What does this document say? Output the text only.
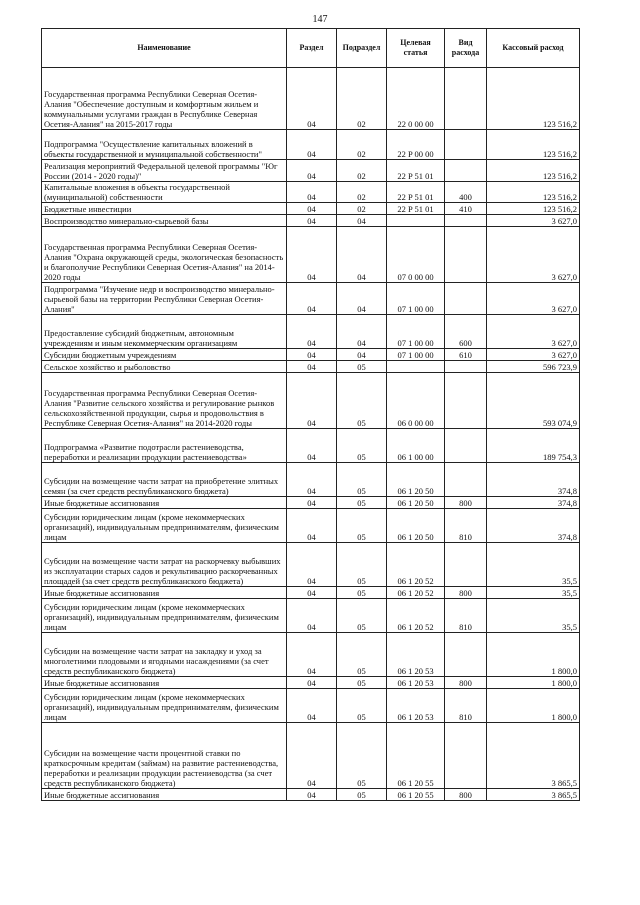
147
Наименование	Раздел	Подраздел	Целевая статья	Вид расхода	Кассовый расход
Государственная программа Республики Северная Осетия-Алания "Обеспечение доступным и комфортным жильем и коммунальными услугами граждан в Республике Северная Осетия-Алания" на 2015-2017 годы	04	02	22 0 00 00		123 516,2
Подпрограмма "Осуществление капитальных вложений в объекты государственной и муниципальной собственности"	04	02	22 P 00 00		123 516,2
Реализация мероприятий Федеральной целевой программы "Юг России (2014 - 2020 годы)"	04	02	22 P 51 01		123 516,2
Капитальные вложения в объекты государственной (муниципальной) собственности	04	02	22 P 51 01	400	123 516,2
Бюджетные инвестиции	04	02	22 P 51 01	410	123 516,2
Воспроизводство минерально-сырьевой базы	04	04			3 627,0
Государственная программа Республики Северная Осетия-Алания "Охрана окружающей среды, экологическая безопасность и благополучие Республики Северная Осетия-Алания" на 2014-2020 годы	04	04	07 0 00 00		3 627,0
Подпрограмма "Изучение недр и воспроизводство минерально-сырьевой базы на территории Республики Северная Осетия-Алания"	04	04	07 1 00 00		3 627,0
Предоставление субсидий бюджетным, автономным учреждениям и иным некоммерческим организациям	04	04	07 1 00 00	600	3 627,0
Субсидии бюджетным учреждениям	04	04	07 1 00 00	610	3 627,0
Сельское хозяйство и рыболовство	04	05			596 723,9
Государственная программа Республики Северная Осетия-Алания "Развитие сельского хозяйства и регулирование рынков сельскохозяйственной продукции, сырья и продовольствия в Республике Северная Осетия-Алания" на 2014-2020 годы	04	05	06 0 00 00		593 074,9
Подпрограмма «Развитие подотрасли растениеводства, переработки и реализации продукции растениеводства»	04	05	06 1 00 00		189 754,3
Субсидии на возмещение части затрат на приобретение элитных семян (за счет средств республиканского бюджета)	04	05	06 1 20 50		374,8
Иные бюджетные ассигнования	04	05	06 1 20 50	800	374,8
Субсидии юридическим лицам (кроме некоммерческих организаций), индивидуальным предпринимателям, физическим лицам	04	05	06 1 20 50	810	374,8
Субсидии на возмещение части затрат на раскорчевку выбывших из эксплуатации старых садов и рекультивацию раскорчеванных площадей (за счет средств республиканского бюджета)	04	05	06 1 20 52		35,5
Иные бюджетные ассигнования	04	05	06 1 20 52	800	35,5
Субсидии юридическим лицам (кроме некоммерческих организаций), индивидуальным предпринимателям, физическим лицам	04	05	06 1 20 52	810	35,5
Субсидии на возмещение части затрат на закладку и уход за многолетними плодовыми и ягодными насаждениями (за счет средств республиканского бюджета)	04	05	06 1 20 53		1 800,0
Иные бюджетные ассигнования	04	05	06 1 20 53	800	1 800,0
Субсидии юридическим лицам (кроме некоммерческих организаций), индивидуальным предпринимателям, физическим лицам	04	05	06 1 20 53	810	1 800,0
Субсидии на возмещение части процентной ставки по краткосрочным кредитам (займам) на развитие растениеводства, переработки и реализации продукции растениеводства (за счет средств республиканского бюджета)	04	05	06 1 20 55		3 865,5
Иные бюджетные ассигнования	04	05	06 1 20 55	800	3 865,5
